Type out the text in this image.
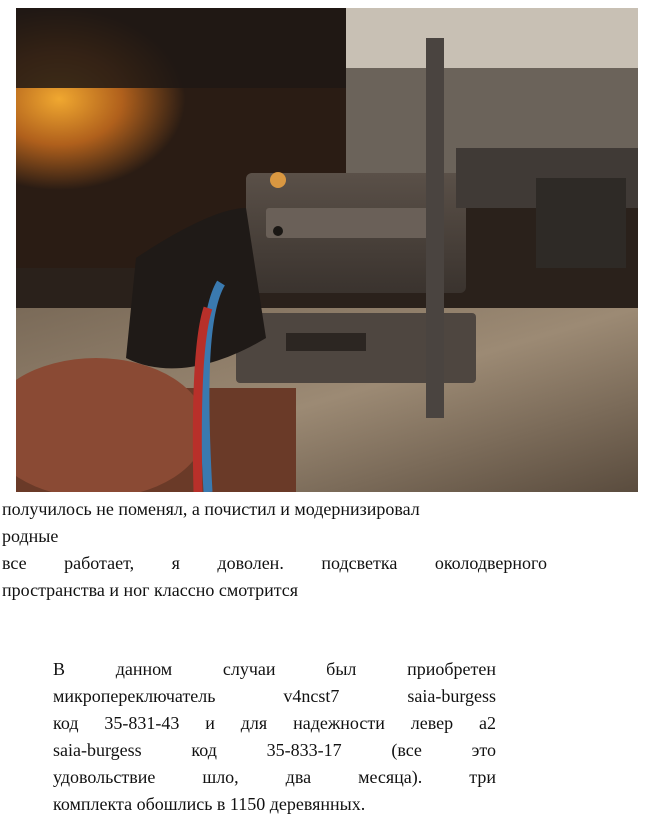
получилось не поменял, а почистил и модернизировал
родные
все работает, я доволен. подсветка околодверного
пространства и ног классно смотрится
В данном случаи был приобретен
микропереключатель v4ncst7 saia-burgess
код 35-831-43 и для надежности левер a2
saia-burgess код 35-833-17 (все это
удовольствие шло, два месяца). три
комплекта обошлись в 1150 деревянных.
